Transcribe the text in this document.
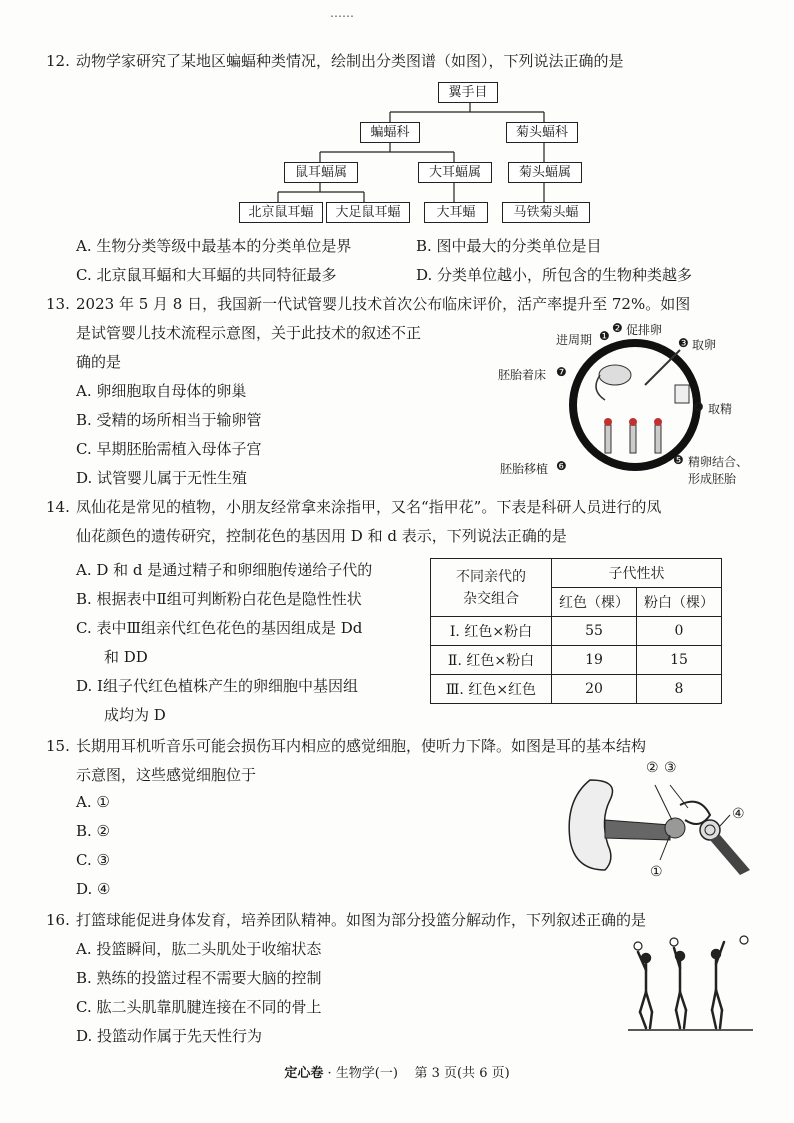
……
12. 动物学家研究了某地区蝙蝠种类情况，绘制出分类图谱（如图），下列说法正确的是
翼手目
蝙蝠科	菊头蝠科
鼠耳蝠属	大耳蝠属	菊头蝠属
北京鼠耳蝠	大足鼠耳蝠	大耳蝠	马铁菊头蝠
A. 生物分类等级中最基本的分类单位是界	B. 图中最大的分类单位是目
C. 北京鼠耳蝠和大耳蝠的共同特征最多	D. 分类单位越小，所包含的生物种类越多
13. 2023 年 5 月 8 日，我国新一代试管婴儿技术首次公布临床评价，活产率提升至 72%。如图
是试管婴儿技术流程示意图，关于此技术的叙述不正
确的是
A. 卵细胞取自母体的卵巢
B. 受精的场所相当于输卵管
C. 早期胚胎需植入母体子宫
D. 试管婴儿属于无性生殖
进周期 ❶
❷ 促排卵
❸ 取卵
❹ 取精
❺ 精卵结合、
形成胚胎
胚胎移植 ❻
胚胎着床 ❼
14. 凤仙花是常见的植物，小朋友经常拿来涂指甲，又名“指甲花”。下表是科研人员进行的凤
仙花颜色的遗传研究，控制花色的基因用 D 和 d 表示，下列说法正确的是
A. D 和 d 是通过精子和卵细胞传递给子代的
B. 根据表中Ⅱ组可判断粉白花色是隐性性状
C. 表中Ⅲ组亲代红色花色的基因组成是 Dd
和 DD
D. Ⅰ组子代红色植株产生的卵细胞中基因组
成均为 D
不同亲代的
杂交组合	子代性状	
	红色（棵）	粉白（棵）
Ⅰ. 红色×粉白	55	0
Ⅱ. 红色×粉白	19	15
Ⅲ. 红色×红色	20	8
15. 长期用耳机听音乐可能会损伤耳内相应的感觉细胞，使听力下降。如图是耳的基本结构
示意图，这些感觉细胞位于
A. ①
B. ②
C. ③
D. ④
② ③
④
①
16. 打篮球能促进身体发育，培养团队精神。如图为部分投篮分解动作，下列叙述正确的是
A. 投篮瞬间，肱二头肌处于收缩状态
B. 熟练的投篮过程不需要大脑的控制
C. 肱二头肌靠肌腱连接在不同的骨上
D. 投篮动作属于先天性行为
定心卷 · 生物学(一) 第 3 页(共 6 页)
